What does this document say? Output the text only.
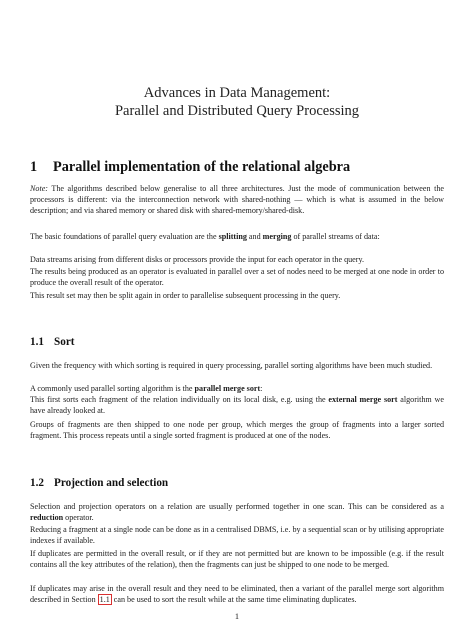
Advances in Data Management:
Parallel and Distributed Query Processing
1 Parallel implementation of the relational algebra

Note: The algorithms described below generalise to all three architectures. Just the mode of communication between the processors is different: via the interconnection network with shared-nothing — which is what is assumed in the below description; and via shared memory or shared disk with shared-memory/shared-disk.

The basic foundations of parallel query evaluation are the splitting and merging of parallel streams of data:

Data streams arising from different disks or processors provide the input for each operator in the query.

The results being produced as an operator is evaluated in parallel over a set of nodes need to be merged at one node in order to produce the overall result of the operator.

This result set may then be split again in order to parallelise subsequent processing in the query.

1.1 Sort

Given the frequency with which sorting is required in query processing, parallel sorting algorithms have been much studied.

A commonly used parallel sorting algorithm is the parallel merge sort:

This first sorts each fragment of the relation individually on its local disk, e.g. using the external merge sort algorithm we have already looked at.

Groups of fragments are then shipped to one node per group, which merges the group of fragments into a larger sorted fragment. This process repeats until a single sorted fragment is produced at one of the nodes.

1.2 Projection and selection

Selection and projection operators on a relation are usually performed together in one scan. This can be considered as a reduction operator.

Reducing a fragment at a single node can be done as in a centralised DBMS, i.e. by a sequential scan or by utilising appropriate indexes if available.

If duplicates are permitted in the overall result, or if they are not permitted but are known to be impossible (e.g. if the result contains all the key attributes of the relation), then the fragments can just be shipped to one node to be merged.

If duplicates may arise in the overall result and they need to be eliminated, then a variant of the parallel merge sort algorithm described in Section 1.1 can be used to sort the result while at the same time eliminating duplicates.

1
